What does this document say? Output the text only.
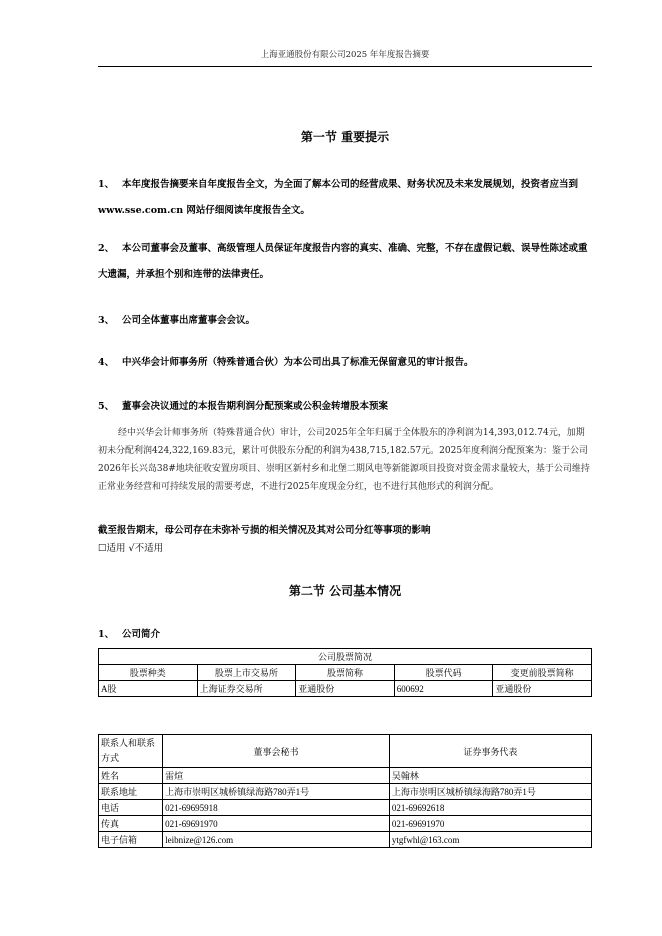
上海亚通股份有限公司2025 年年度报告摘要
第一节 重要提示
1、 本年度报告摘要来自年度报告全文，为全面了解本公司的经营成果、财务状况及未来发展规划，投资者应当到 www.sse.com.cn 网站仔细阅读年度报告全文。
2、 本公司董事会及董事、高级管理人员保证年度报告内容的真实、准确、完整，不存在虚假记载、误导性陈述或重大遗漏，并承担个别和连带的法律责任。
3、 公司全体董事出席董事会会议。
4、 中兴华会计师事务所（特殊普通合伙）为本公司出具了标准无保留意见的审计报告。
5、 董事会决议通过的本报告期利润分配预案或公积金转增股本预案
经中兴华会计师事务所（特殊普通合伙）审计，公司2025年全年归属于全体股东的净利润为14,393,012.74元，加期初未分配利润424,322,169.83元，累计可供股东分配的利润为438,715,182.57元。2025年度利润分配预案为：鉴于公司2026年长兴岛38#地块征收安置房项目、崇明区新村乡和北堡二期风电等新能源项目投资对资金需求量较大，基于公司维持正常业务经营和可持续发展的需要考虑，不进行2025年度现金分红，也不进行其他形式的利润分配。
截至报告期末，母公司存在未弥补亏损的相关情况及其对公司分红等事项的影响
☐适用 √不适用
第二节 公司基本情况
1、 公司简介
公司股票简况				
股票种类	股票上市交易所	股票简称	股票代码	变更前股票简称
A股	上海证券交易所	亚通股份	600692	亚通股份
联系人和联系方式	董事会秘书	证券事务代表
姓名	雷煊	吴翰林
联系地址	上海市崇明区城桥镇绿海路780弄1号	上海市崇明区城桥镇绿海路780弄1号
电话	021-69695918	021-69692618
传真	021-69691970	021-69691970
电子信箱	leibnize@126.com	ytgfwhl@163.com
